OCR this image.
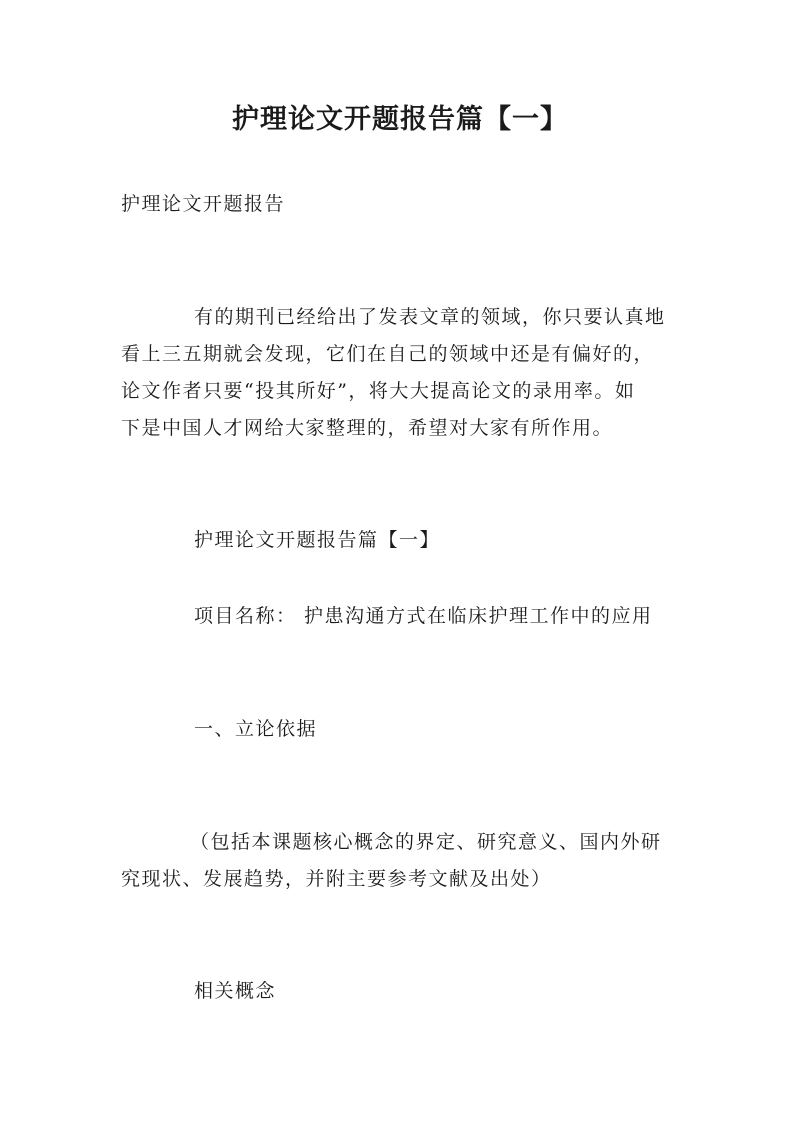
护理论文开题报告篇【一】

护理论文开题报告

有的期刊已经给出了发表文章的领域，你只要认真地

看上三五期就会发现，它们在自己的领域中还是有偏好的，

论文作者只要“投其所好”，将大大提高论文的录用率。如

下是中国人才网给大家整理的，希望对大家有所作用。

护理论文开题报告篇【一】

项目名称： 护患沟通方式在临床护理工作中的应用

一、立论依据

（包括本课题核心概念的界定、研究意义、国内外研

究现状、发展趋势，并附主要参考文献及出处）

相关概念
